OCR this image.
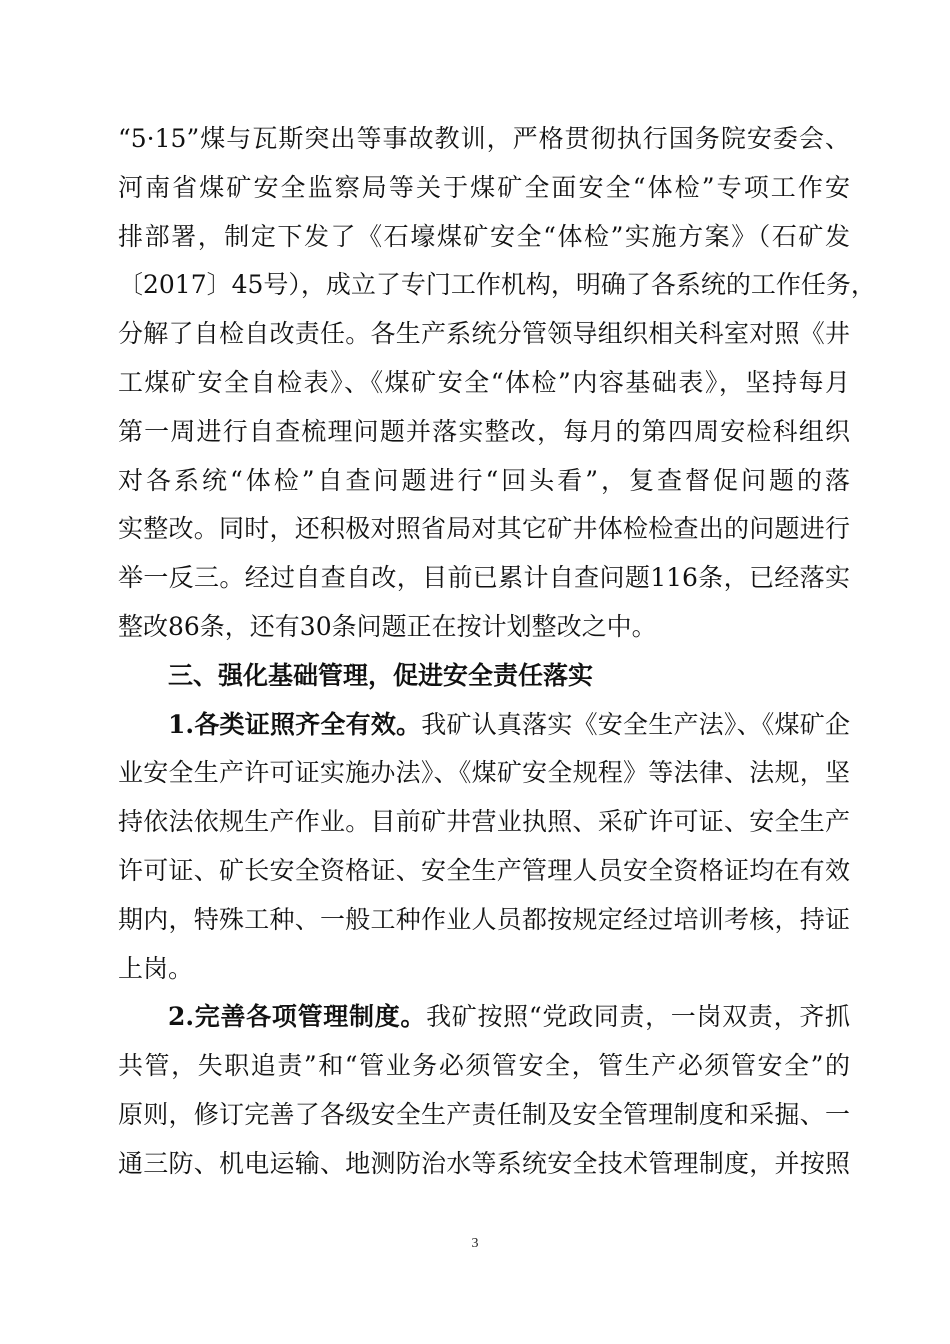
“5·15”煤与瓦斯突出等事故教训，严格贯彻执行国务院安委会、
河南省煤矿安全监察局等关于煤矿全面安全“体检”专项工作安
排部署，制定下发了《石壕煤矿安全“体检”实施方案》（石矿发
〔2017〕45号），成立了专门工作机构，明确了各系统的工作任务，
分解了自检自改责任。各生产系统分管领导组织相关科室对照《井
工煤矿安全自检表》、《煤矿安全“体检”内容基础表》，坚持每月
第一周进行自查梳理问题并落实整改，每月的第四周安检科组织
对各系统“体检”自查问题进行“回头看”，复查督促问题的落
实整改。同时，还积极对照省局对其它矿井体检检查出的问题进行
举一反三。经过自查自改，目前已累计自查问题116条，已经落实
整改86条，还有30条问题正在按计划整改之中。
三、强化基础管理，促进安全责任落实
1.各类证照齐全有效。我矿认真落实《安全生产法》、《煤矿企
业安全生产许可证实施办法》、《煤矿安全规程》等法律、法规，坚
持依法依规生产作业。目前矿井营业执照、采矿许可证、安全生产
许可证、矿长安全资格证、安全生产管理人员安全资格证均在有效
期内，特殊工种、一般工种作业人员都按规定经过培训考核，持证
上岗。
2.完善各项管理制度。我矿按照“党政同责，一岗双责，齐抓
共管，失职追责”和“管业务必须管安全，管生产必须管安全”的
原则，修订完善了各级安全生产责任制及安全管理制度和采掘、一
通三防、机电运输、地测防治水等系统安全技术管理制度，并按照
3
